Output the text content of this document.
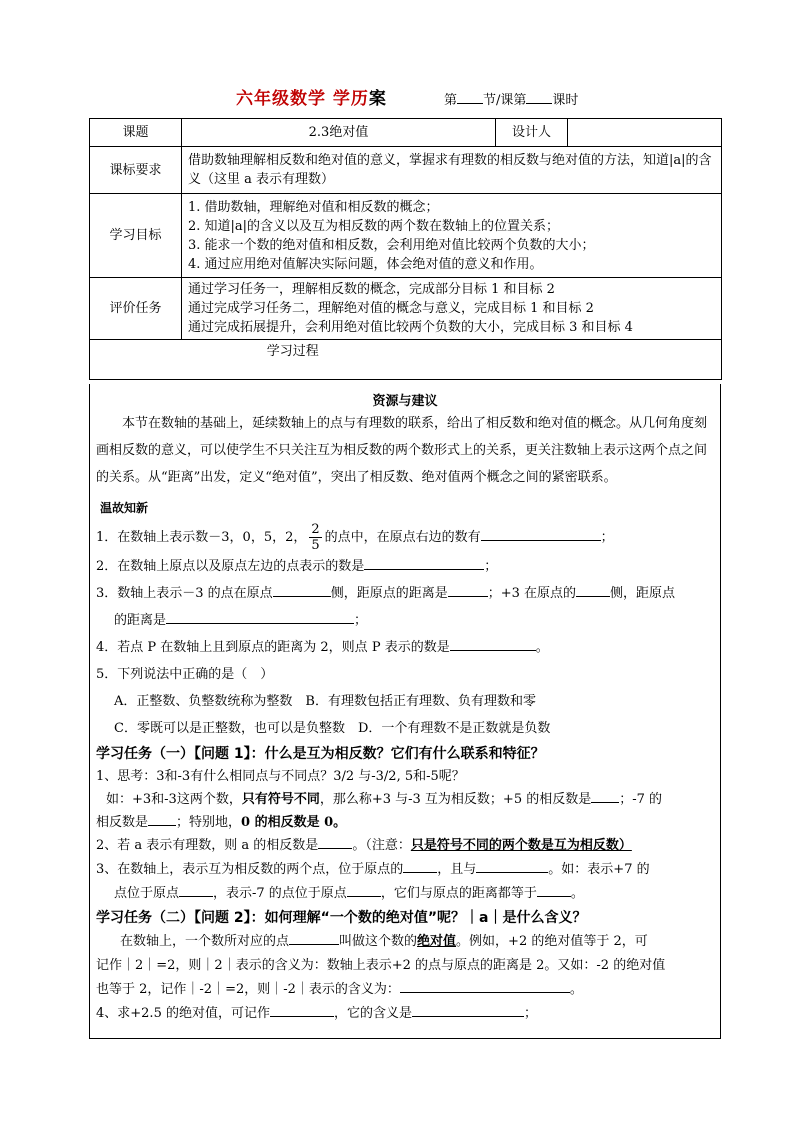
六年级数学 学历案	第 节/课第 课时
课题	2.3绝对值	设计人	
课标要求	借助数轴理解相反数和绝对值的意义，掌握求有理数的相反数与绝对值的方法，知道|a|的含义（这里 a 表示有理数）		
学习目标	1. 借助数轴，理解绝对值和相反数的概念；
2. 知道|a|的含义以及互为相反数的两个数在数轴上的位置关系；
3. 能求一个数的绝对值和相反数，会利用绝对值比较两个负数的大小；
4. 通过应用绝对值解决实际问题，体会绝对值的意义和作用。		

评价任务	通过学习任务一，理解相反数的概念，完成部分目标 1 和目标 2
通过完成学习任务二，理解绝对值的概念与意义，完成目标 1 和目标 2
通过完成拓展提升，会利用绝对值比较两个负数的大小，完成目标 3 和目标 4		

学习过程			
资源与建议

本节在数轴的基础上，延续数轴上的点与有理数的联系，给出了相反数和绝对值的概念。从几何角度刻画相反数的意义，可以使学生不只关注互为相反数的两个数形式上的关系，更关注数轴上表示这两个点之间的关系。从“距离”出发，定义“绝对值”，突出了相反数、绝对值两个概念之间的紧密联系。

温故知新

1．在数轴上表示数－3，0，5，2， $\frac{2}{5}$ 的点中，在原点右边的数有	；

2．在数轴上原点以及原点左边的点表示的数是	；

3．数轴上表示－3 的点在原点	侧，距原点的距离是	；+3 在原点的	侧，距原点

的距离是	；

4．若点 P 在数轴上且到原点的距离为 2，则点 P 表示的数是	。

5．下列说法中正确的是（　）

A．正整数、负整数统称为整数　B．有理数包括正有理数、负有理数和零

C．零既可以是正整数，也可以是负整数　D．一个有理数不是正数就是负数

学习任务（一）【问题 1】：什么是互为相反数？它们有什么联系和特征？

1、思考：3和-3有什么相同点与不同点？3/2 与-3/2, 5和-5呢？

如：+3和-3这两个数，只有符号不同，那么称+3 与-3 互为相反数；+5 的相反数是 ；-7 的

相反数是 ；特别地，0 的相反数是 0。

2、若 a 表示有理数，则 a 的相反数是	。（注意：只是符号不同的两个数是互为相反数）

3、在数轴上，表示互为相反数的两个点，位于原点的	，且与	。如：表示+7 的

点位于原点	，表示-7 的点位于原点	，它们与原点的距离都等于	。

学习任务（二）【问题 2】：如何理解“一个数的绝对值”呢？｜a｜是什么含义？

在数轴上，一个数所对应的点	叫做这个数的绝对值。例如，+2 的绝对值等于 2，可

记作｜2｜=2，则｜2｜表示的含义为：数轴上表示+2 的点与原点的距离是 2。又如：-2 的绝对值

也等于 2，记作｜-2｜=2，则｜-2｜表示的含义为：	。

4、求+2.5 的绝对值，可记作	，它的含义是	；
